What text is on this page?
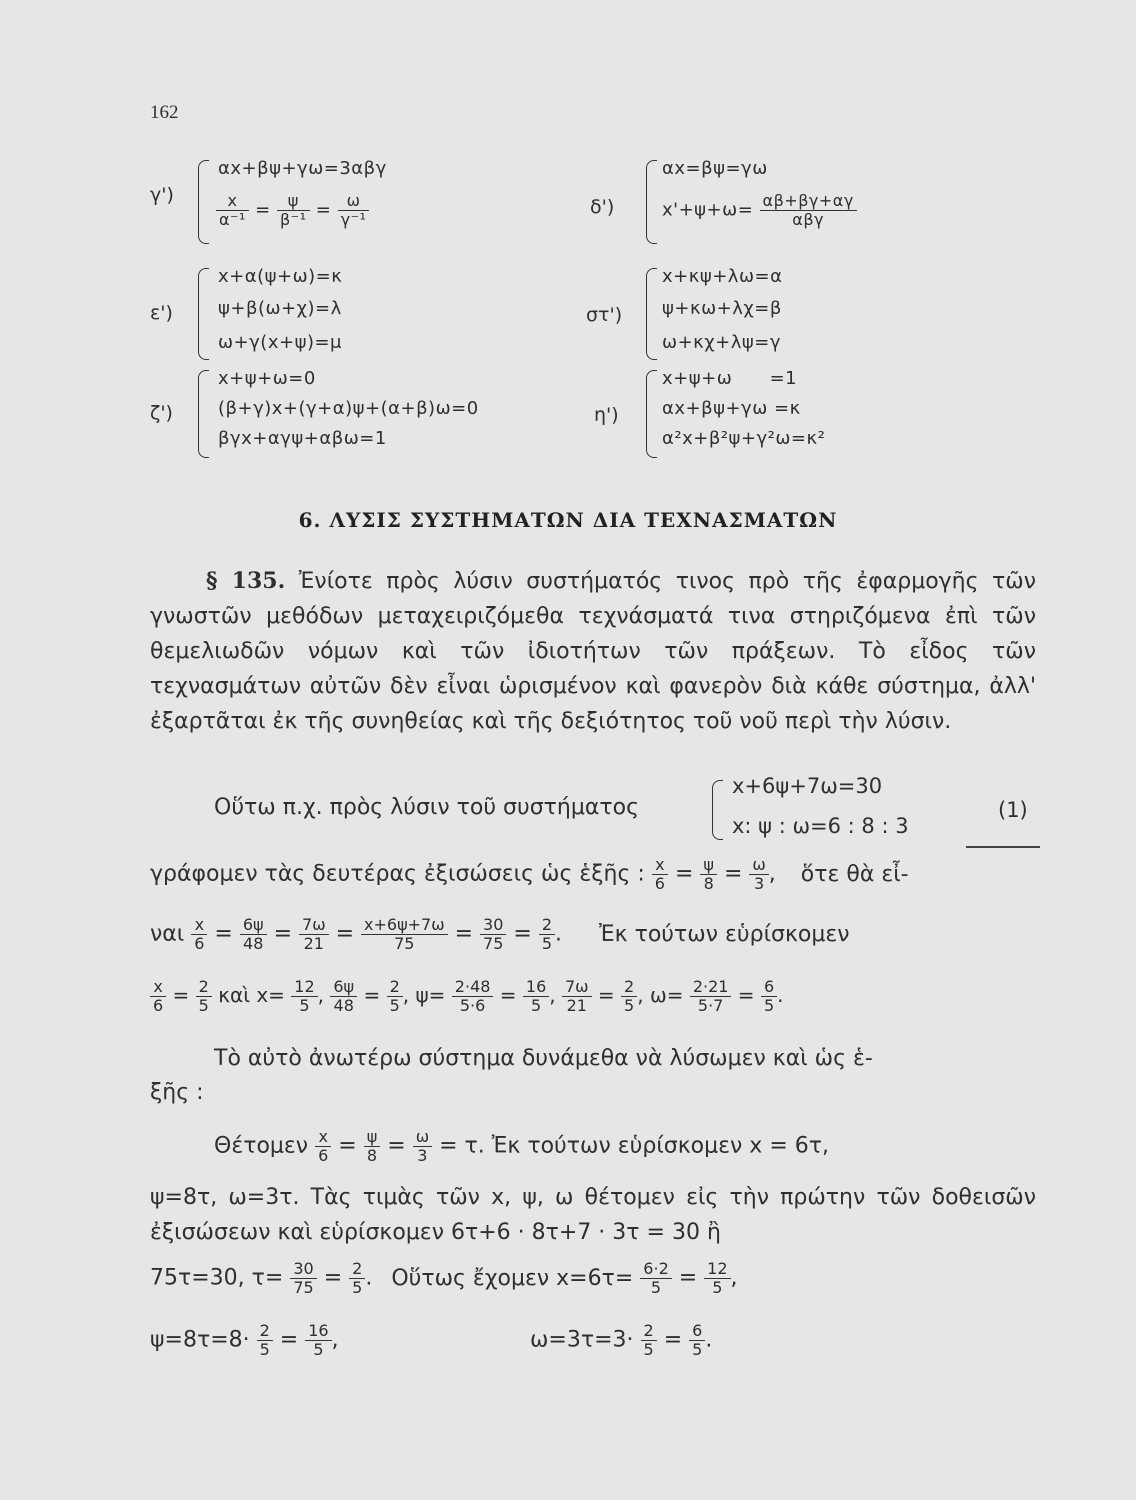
162
γ')
αx+βψ+γω=3αβγ
$\frac{x}{\text{α⁻¹}} = \frac{\psi}{\text{β⁻¹}} = \frac{\omega}{\text{γ⁻¹}}$	δ')
αx=βψ=γω
$x'+\psi+\omega= \frac{\alpha\beta+\beta\gamma+\alpha\gamma}{\text{αβγ}}$
ε')
x+α(ψ+ω)=κ
ψ+β(ω+χ)=λ
ω+γ(x+ψ)=μ
στ')
x+κψ+λω=α
ψ+κω+λχ=β
ω+κχ+λψ=γ
ζ')
x+ψ+ω=0
(β+γ)x+(γ+α)ψ+(α+β)ω=0
βγx+αγψ+αβω=1
η')
x+ψ+ω      =1
αx+βψ+γω =κ
α²x+β²ψ+γ²ω=κ²
6. ΛΥΣΙΣ ΣΥΣΤΗΜΑΤΩΝ ΔΙΑ ΤΕΧΝΑΣΜΑΤΩΝ

§ 135. Ἐνίοτε πρὸς λύσιν συστήματός τινος πρὸ τῆς ἐφαρμογῆς τῶν γνωστῶν μεθόδων μεταχειριζόμεθα τεχνάσματά τινα στηριζόμενα ἐπὶ τῶν θεμελιωδῶν νόμων καὶ τῶν ἰδιοτήτων τῶν πράξεων. Τὸ εἶδος τῶν τεχνασμάτων αὐτῶν δὲν εἶναι ὡρισμένον καὶ φανερὸν διὰ κάθε σύστημα, ἀλλ' ἐξαρτᾶται ἐκ τῆς συνηθείας καὶ τῆς δεξιότητος τοῦ νοῦ περὶ τὴν λύσιν.

Οὕτω π.χ. πρὸς λύσιν τοῦ συστήματος
x+6ψ+7ω=30
x: ψ : ω=6 : 8 : 3
(1)
γράφομεν τὰς δευτέρας ἐξισώσεις ὡς ἑξῆς : $\frac{x}{6} = \frac{\psi}{8} = \frac{\omega}{3}$ , ὅτε θὰ εἶ-
ναι $\frac{x}{6} = \frac{6\psi}{48} = \frac{7\omega}{21} = \frac{x+6\psi+7\omega}{75} = \frac{30}{75} = \frac{2}{5}$ . Ἐκ τούτων εὑρίσκομεν
$\frac{x}{6} = \frac{2}{5}$ καὶ $x= \frac{12}{5}$ , $\frac{6\psi}{48} = \frac{2}{5}$ , $\psi= \frac{2\cdot 48}{5\cdot 6} = \frac{16}{5}$ , $\frac{7\omega}{21} = \frac{2}{5}$ , $\omega= \frac{2\cdot 21}{5\cdot 7} = \frac{6}{5}$ .
Τὸ αὐτὸ ἀνωτέρω σύστημα δυνάμεθα νὰ λύσωμεν καὶ ὡς ἑ-
ξῆς :
Θέτομεν $\frac{x}{6} = \frac{\psi}{8} = \frac{\omega}{3} = \tau$. Ἐκ τούτων εὑρίσκομεν x = 6τ,

ψ=8τ, ω=3τ. Τὰς τιμὰς τῶν x, ψ, ω θέτομεν εἰς τὴν πρώτην τῶν δοθεισῶν ἐξισώσεων καὶ εὑρίσκομεν 6τ+6 · 8τ+7 · 3τ = 30 ἢ

75τ=30, $\tau= \frac{30}{75} = \frac{2}{5}$ . Οὕτως ἔχομεν $x=6\tau= \frac{6\cdot 2}{5} = \frac{12}{5}$ ,
$\psi=8\tau=8\cdot \frac{2}{5} = \frac{16}{5}$ ,	$\omega=3\tau=3\cdot \frac{2}{5} = \frac{6}{5}$ .
